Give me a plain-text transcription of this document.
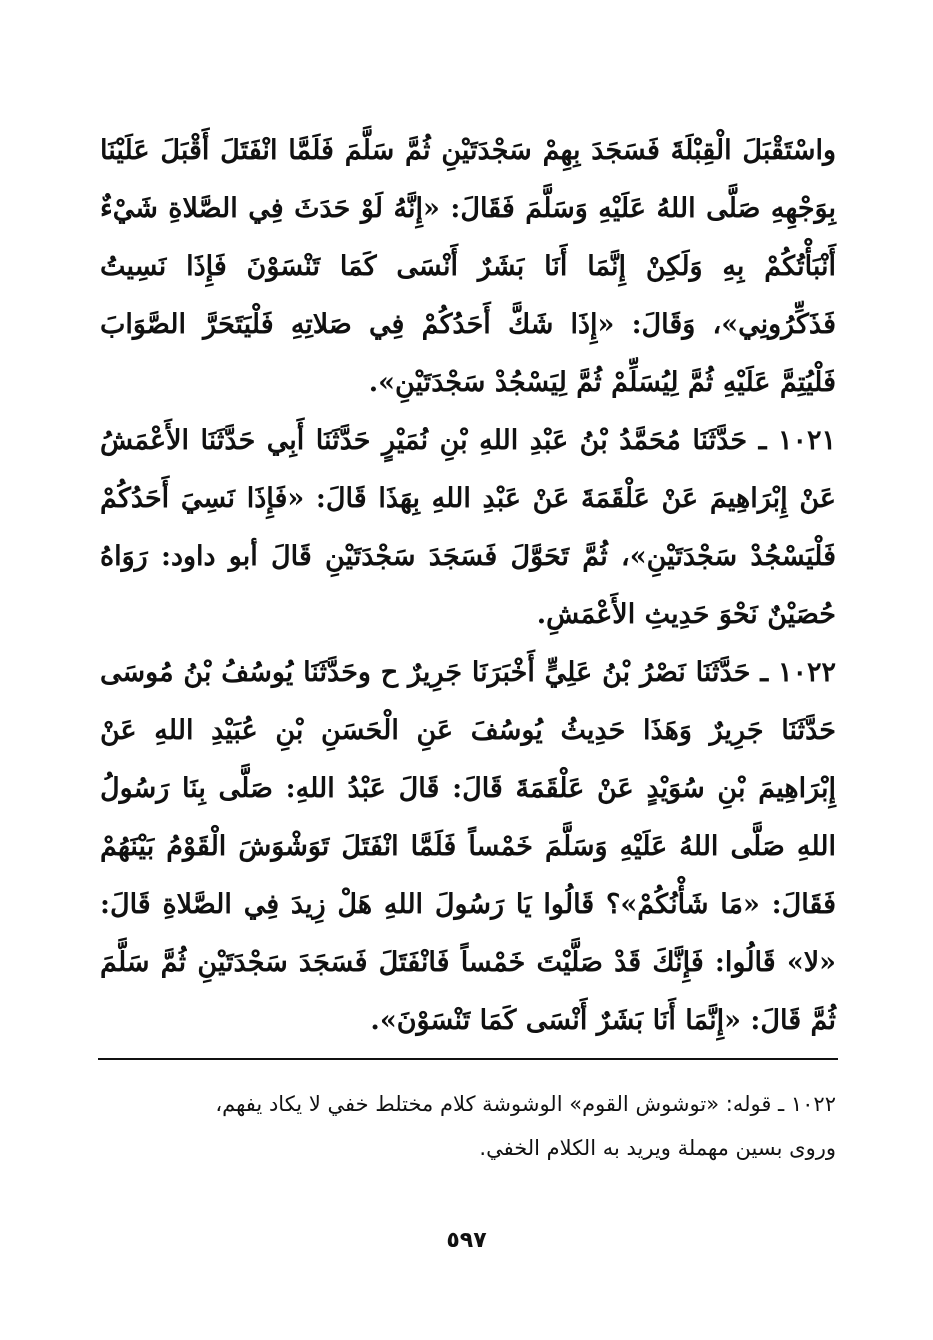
واسْتَقْبَلَ الْقِبْلَةَ فَسَجَدَ بِهِمْ سَجْدَتَيْنِ ثُمَّ سَلَّمَ فَلَمَّا انْفَتَلَ أَقْبَلَ عَلَيْنَا بِوَجْهِهِ صَلَّى اللهُ عَلَيْهِ وَسَلَّمَ فَقَالَ: «إِنَّهُ لَوْ حَدَثَ فِي الصَّلاةِ شَيْءٌ أَنْبَأْتُكُمْ بِهِ وَلَكِنْ إِنَّمَا أَنَا بَشَرٌ أَنْسَى كَمَا تَنْسَوْنَ فَإِذَا نَسِيتُ فَذَكِّرُونِي»، وَقَالَ: «إِذَا شَكَّ أَحَدُكُمْ فِي صَلاتِهِ فَلْيَتَحَرَّ الصَّوَابَ فَلْيُتِمَّ عَلَيْهِ ثُمَّ لِيُسَلِّمْ ثُمَّ لِيَسْجُدْ سَجْدَتَيْنِ».

١٠٢١ ـ حَدَّثَنَا مُحَمَّدُ بْنُ عَبْدِ اللهِ بْنِ نُمَيْرٍ حَدَّثَنَا أَبِي حَدَّثَنَا الأَعْمَشُ عَنْ إِبْرَاهِيمَ عَنْ عَلْقَمَةَ عَنْ عَبْدِ اللهِ بِهَذَا قَالَ: «فَإِذَا نَسِيَ أَحَدُكُمْ فَلْيَسْجُدْ سَجْدَتَيْنِ»، ثُمَّ تَحَوَّلَ فَسَجَدَ سَجْدَتَيْنِ قَالَ أبو داود: رَوَاهُ حُصَيْنٌ نَحْوَ حَدِيثِ الأَعْمَشِ.

١٠٢٢ ـ حَدَّثَنَا نَصْرُ بْنُ عَلِيٍّ أَخْبَرَنَا جَرِيرٌ ح وحَدَّثَنَا يُوسُفُ بْنُ مُوسَى حَدَّثَنَا جَرِيرٌ وَهَذَا حَدِيثُ يُوسُفَ عَنِ الْحَسَنِ بْنِ عُبَيْدِ اللهِ عَنْ إِبْرَاهِيمَ بْنِ سُوَيْدٍ عَنْ عَلْقَمَةَ قَالَ: قَالَ عَبْدُ اللهِ: صَلَّى بِنَا رَسُولُ اللهِ صَلَّى اللهُ عَلَيْهِ وَسَلَّمَ خَمْساً فَلَمَّا انْفَتَلَ تَوَشْوَشَ الْقَوْمُ بَيْنَهُمْ فَقَالَ: «مَا شَأْنُكُمْ»؟ قَالُوا يَا رَسُولَ اللهِ هَلْ زِيدَ فِي الصَّلاةِ قَالَ: «لا» قَالُوا: فَإِنَّكَ قَدْ صَلَّيْتَ خَمْساً فَانْفَتَلَ فَسَجَدَ سَجْدَتَيْنِ ثُمَّ سَلَّمَ ثُمَّ قَالَ: «إِنَّمَا أَنَا بَشَرٌ أَنْسَى كَمَا تَنْسَوْنَ».

١٠٢٢ ـ قوله: «توشوش القوم» الوشوشة كلام مختلط خفي لا يكاد يفهم،

وروى بسين مهملة ويريد به الكلام الخفي.

٥٩٧
